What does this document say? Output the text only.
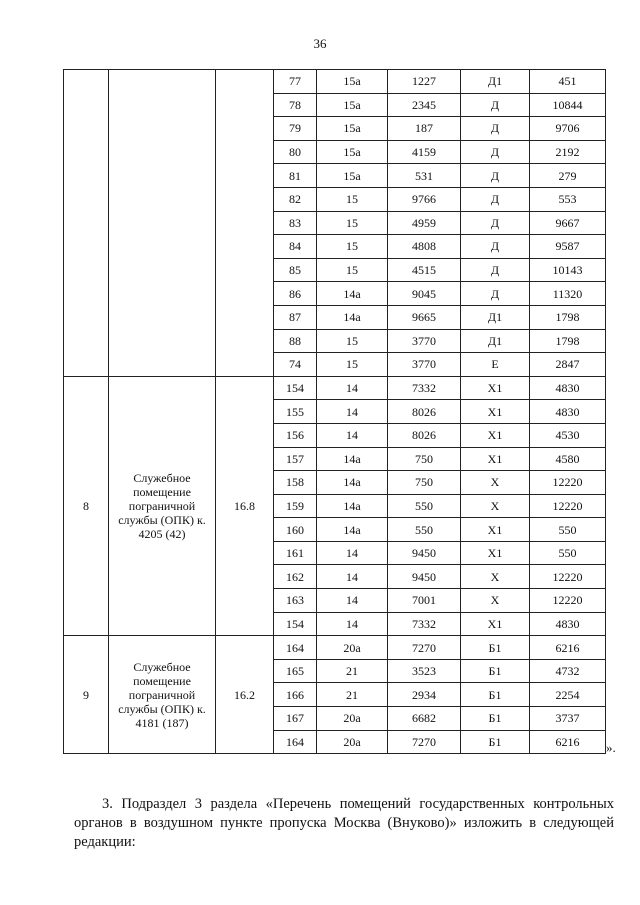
36
			77	15а	1227	Д1	451
			78	15а	2345	Д	10844
			79	15а	187	Д	9706
			80	15а	4159	Д	2192
			81	15а	531	Д	279
			82	15	9766	Д	553
			83	15	4959	Д	9667
			84	15	4808	Д	9587
			85	15	4515	Д	10143
			86	14а	9045	Д	11320
			87	14а	9665	Д1	1798
			88	15	3770	Д1	1798
			74	15	3770	Е	2847
8	Служебное помещение пограничной службы (ОПК) к. 4205 (42)	16.8	154	14	7332	Х1	4830
			155	14	8026	Х1	4830
			156	14	8026	Х1	4530
			157	14а	750	Х1	4580
			158	14а	750	Х	12220
			159	14а	550	Х	12220
			160	14а	550	Х1	550
			161	14	9450	Х1	550
			162	14	9450	Х	12220
			163	14	7001	Х	12220
			154	14	7332	Х1	4830
9	Служебное помещение пограничной службы (ОПК) к. 4181 (187)	16.2	164	20а	7270	Б1	6216
			165	21	3523	Б1	4732
			166	21	2934	Б1	2254
			167	20а	6682	Б1	3737
			164	20а	7270	Б1	6216 ».
3. Подраздел 3 раздела «Перечень помещений государственных контрольных органов в воздушном пункте пропуска Москва (Внуково)» изложить в следующей редакции:
